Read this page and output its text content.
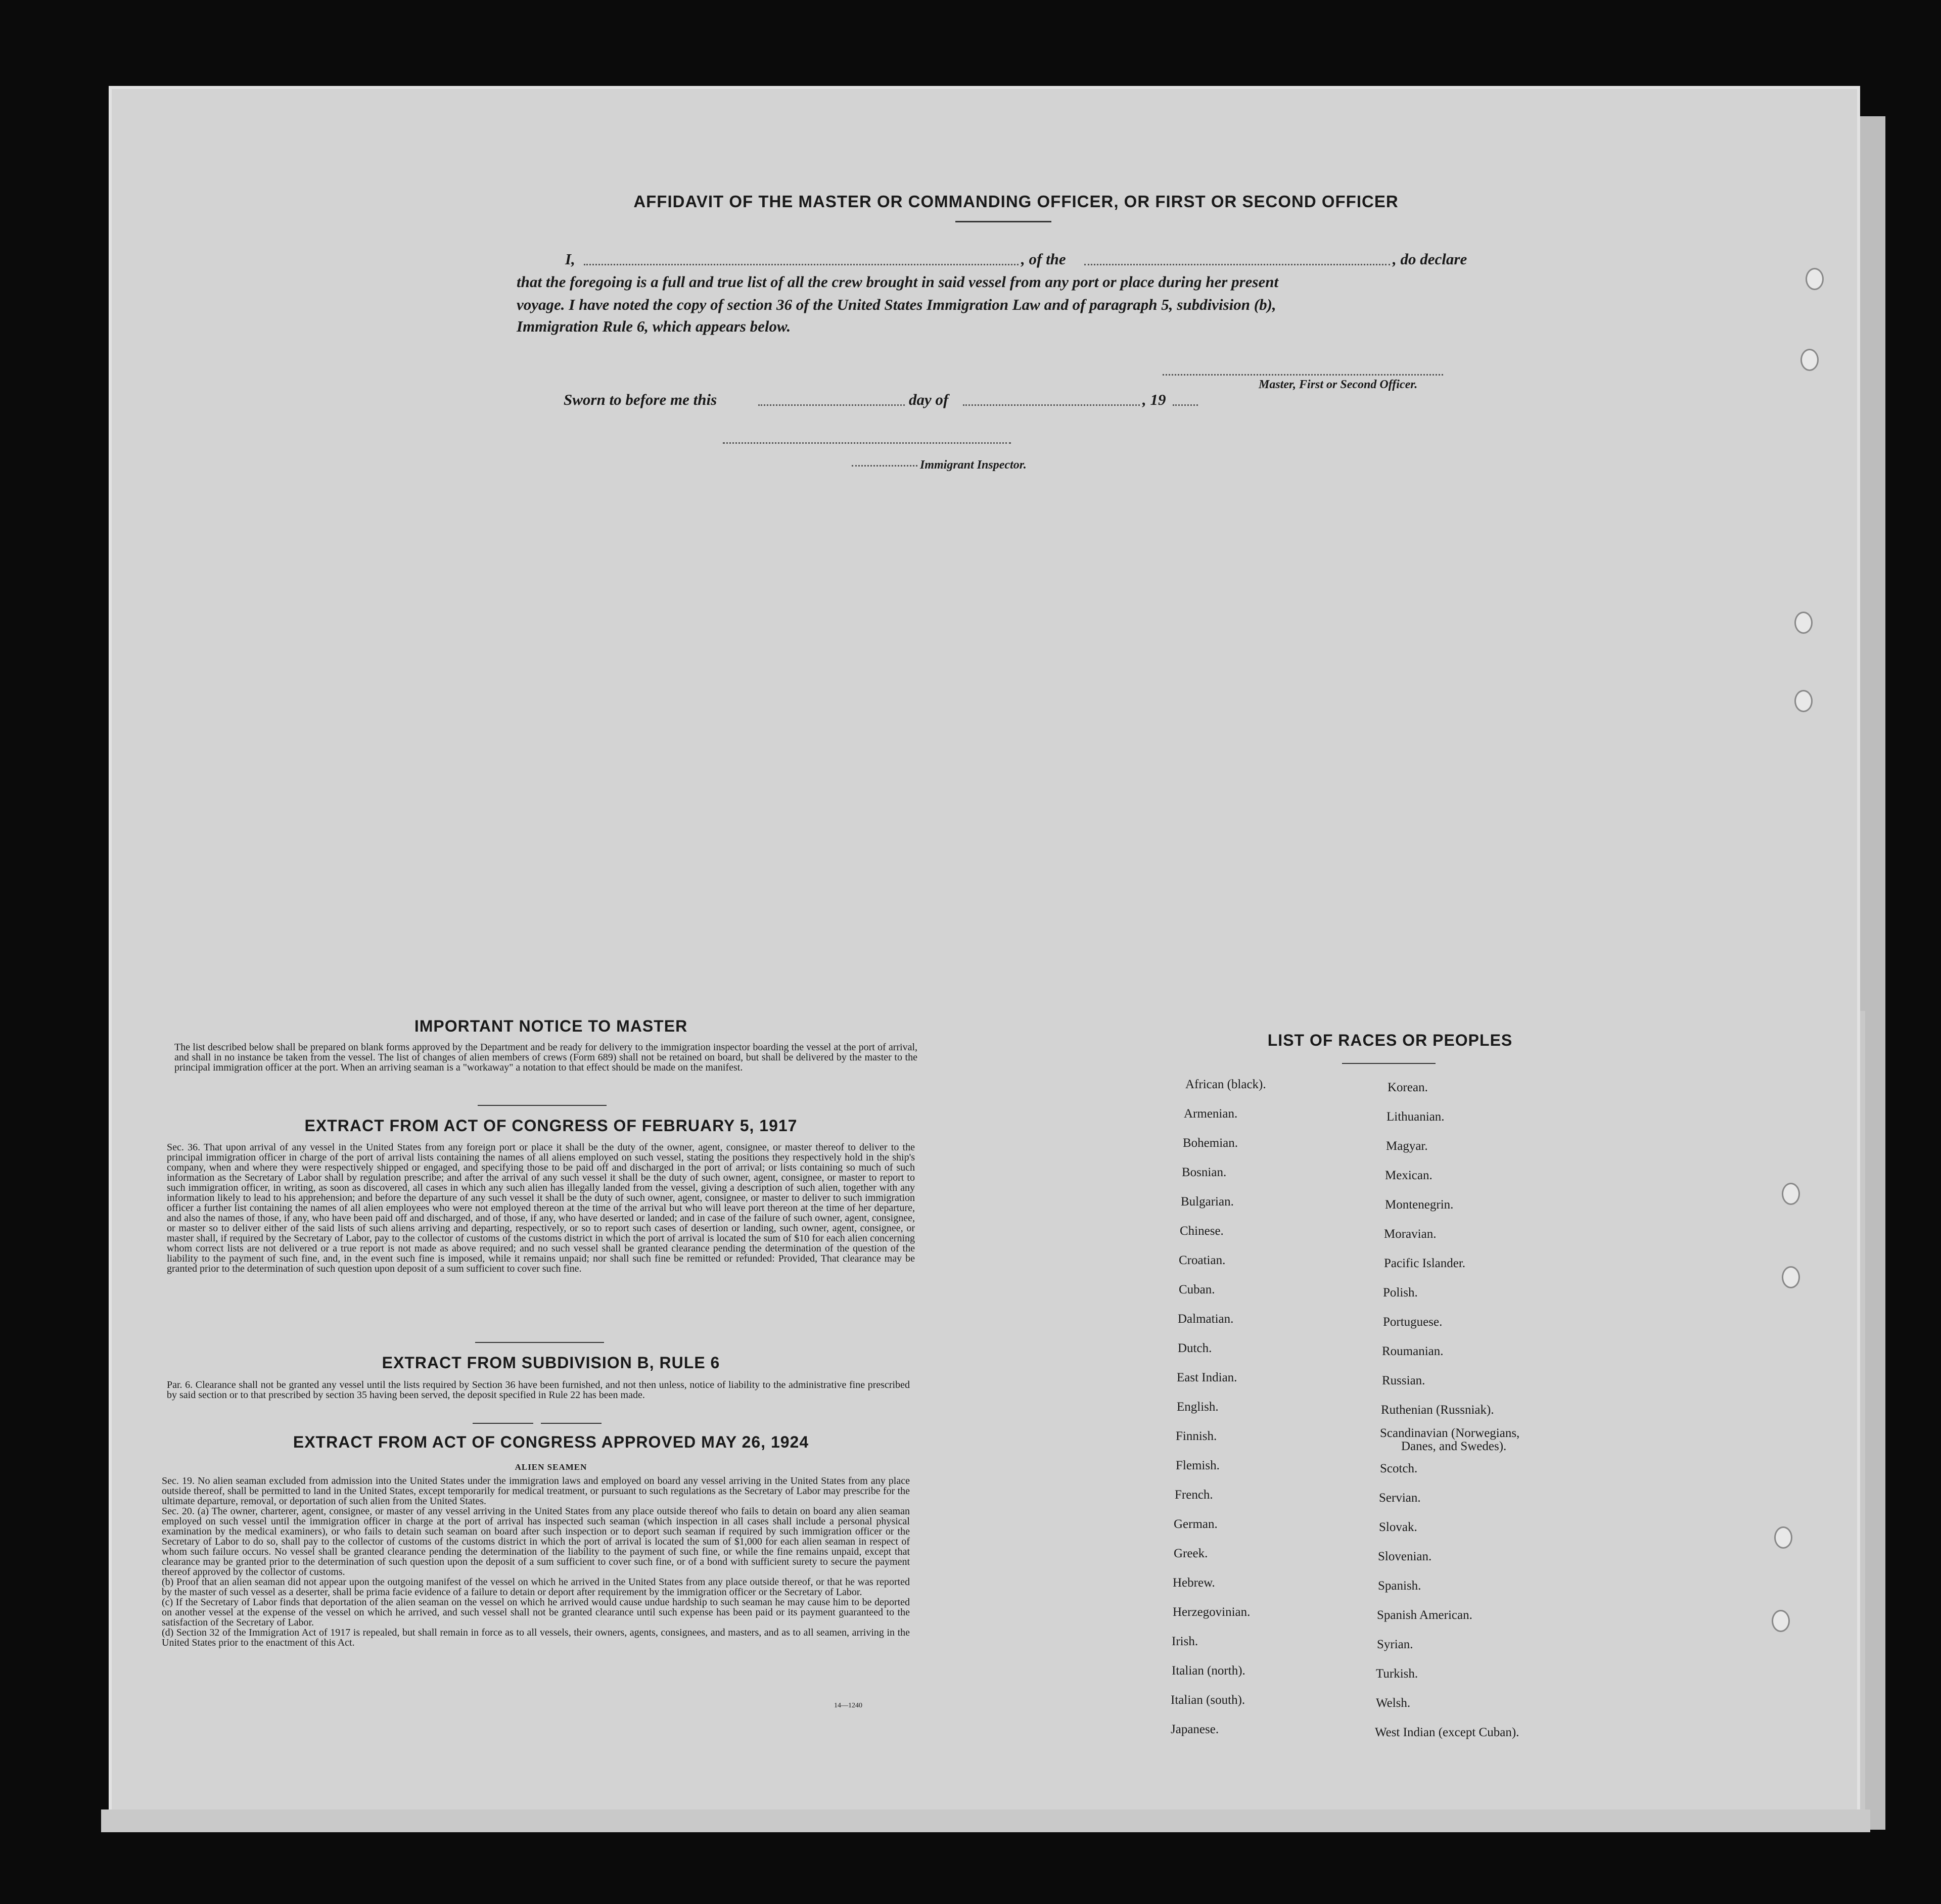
AFFIDAVIT OF THE MASTER OR COMMANDING OFFICER, OR FIRST OR SECOND OFFICER
I,	, of the	, do declare
that the foregoing is a full and true list of all the crew brought in said vessel from any port or place during her present
voyage. I have noted the copy of section 36 of the United States Immigration Law and of paragraph 5, subdivision (b),
Immigration Rule 6, which appears below.
Master, First or Second Officer.
Sworn to before me this	day of	, 19
Immigrant Inspector.
IMPORTANT NOTICE TO MASTER
The list described below shall be prepared on blank forms approved by the Department and be ready for delivery to the immigration inspector boarding the vessel at the port of arrival, and shall in no instance be taken from the vessel. The list of changes of alien members of crews (Form 689) shall not be retained on board, but shall be delivered by the master to the principal immigration officer at the port. When an arriving seaman is a "workaway" a notation to that effect should be made on the manifest.
EXTRACT FROM ACT OF CONGRESS OF FEBRUARY 5, 1917
Sec. 36. That upon arrival of any vessel in the United States from any foreign port or place it shall be the duty of the owner, agent, consignee, or master thereof to deliver to the principal immigration officer in charge of the port of arrival lists containing the names of all aliens employed on such vessel, stating the positions they respectively hold in the ship's company, when and where they were respectively shipped or engaged, and specifying those to be paid off and discharged in the port of arrival; or lists containing so much of such information as the Secretary of Labor shall by regulation prescribe; and after the arrival of any such vessel it shall be the duty of such owner, agent, consignee, or master to report to such immigration officer, in writing, as soon as discovered, all cases in which any such alien has illegally landed from the vessel, giving a description of such alien, together with any information likely to lead to his apprehension; and before the departure of any such vessel it shall be the duty of such owner, agent, consignee, or master to deliver to such immigration officer a further list containing the names of all alien employees who were not employed thereon at the time of the arrival but who will leave port thereon at the time of her departure, and also the names of those, if any, who have been paid off and discharged, and of those, if any, who have deserted or landed; and in case of the failure of such owner, agent, consignee, or master so to deliver either of the said lists of such aliens arriving and departing, respectively, or so to report such cases of desertion or landing, such owner, agent, consignee, or master shall, if required by the Secretary of Labor, pay to the collector of customs of the customs district in which the port of arrival is located the sum of $10 for each alien concerning whom correct lists are not delivered or a true report is not made as above required; and no such vessel shall be granted clearance pending the determination of the question of the liability to the payment of such fine, and, in the event such fine is imposed, while it remains unpaid; nor shall such fine be remitted or refunded: Provided, That clearance may be granted prior to the determination of such question upon deposit of a sum sufficient to cover such fine.
EXTRACT FROM SUBDIVISION B, RULE 6
Par. 6. Clearance shall not be granted any vessel until the lists required by Section 36 have been furnished, and not then unless, notice of liability to the administrative fine prescribed by said section or to that prescribed by section 35 having been served, the deposit specified in Rule 22 has been made.
EXTRACT FROM ACT OF CONGRESS APPROVED MAY 26, 1924
ALIEN SEAMEN

Sec. 19. No alien seaman excluded from admission into the United States under the immigration laws and employed on board any vessel arriving in the United States from any place outside thereof, shall be permitted to land in the United States, except temporarily for medical treatment, or pursuant to such regulations as the Secretary of Labor may prescribe for the ultimate departure, removal, or deportation of such alien from the United States.

Sec. 20. (a) The owner, charterer, agent, consignee, or master of any vessel arriving in the United States from any place outside thereof who fails to detain on board any alien seaman employed on such vessel until the immigration officer in charge at the port of arrival has inspected such seaman (which inspection in all cases shall include a personal physical examination by the medical examiners), or who fails to detain such seaman on board after such inspection or to deport such seaman if required by such immigration officer or the Secretary of Labor to do so, shall pay to the collector of customs of the customs district in which the port of arrival is located the sum of $1,000 for each alien seaman in respect of whom such failure occurs. No vessel shall be granted clearance pending the determination of the liability to the payment of such fine, or while the fine remains unpaid, except that clearance may be granted prior to the determination of such question upon the deposit of a sum sufficient to cover such fine, or of a bond with sufficient surety to secure the payment thereof approved by the collector of customs.

(b) Proof that an alien seaman did not appear upon the outgoing manifest of the vessel on which he arrived in the United States from any place outside thereof, or that he was reported by the master of such vessel as a deserter, shall be prima facie evidence of a failure to detain or deport after requirement by the immigration officer or the Secretary of Labor.

(c) If the Secretary of Labor finds that deportation of the alien seaman on the vessel on which he arrived would cause undue hardship to such seaman he may cause him to be deported on another vessel at the expense of the vessel on which he arrived, and such vessel shall not be granted clearance until such expense has been paid or its payment guaranteed to the satisfaction of the Secretary of Labor.

(d) Section 32 of the Immigration Act of 1917 is repealed, but shall remain in force as to all vessels, their owners, agents, consignees, and masters, and as to all seamen, arriving in the United States prior to the enactment of this Act.

14—1240
LIST OF RACES OR PEOPLES
African (black).
Armenian.
Bohemian.
Bosnian.
Bulgarian.
Chinese.
Croatian.
Cuban.
Dalmatian.
Dutch.
East Indian.
English.
Finnish.
Flemish.
French.
German.
Greek.
Hebrew.
Herzegovinian.
Irish.
Italian (north).
Italian (south).
Japanese.
Korean.
Lithuanian.
Magyar.
Mexican.
Montenegrin.
Moravian.
Pacific Islander.
Polish.
Portuguese.
Roumanian.
Russian.
Ruthenian (Russniak).
Scandinavian (Norwegians,
Danes, and Swedes).
Scotch.
Servian.
Slovak.
Slovenian.
Spanish.
Spanish American.
Syrian.
Turkish.
Welsh.
West Indian (except Cuban).
